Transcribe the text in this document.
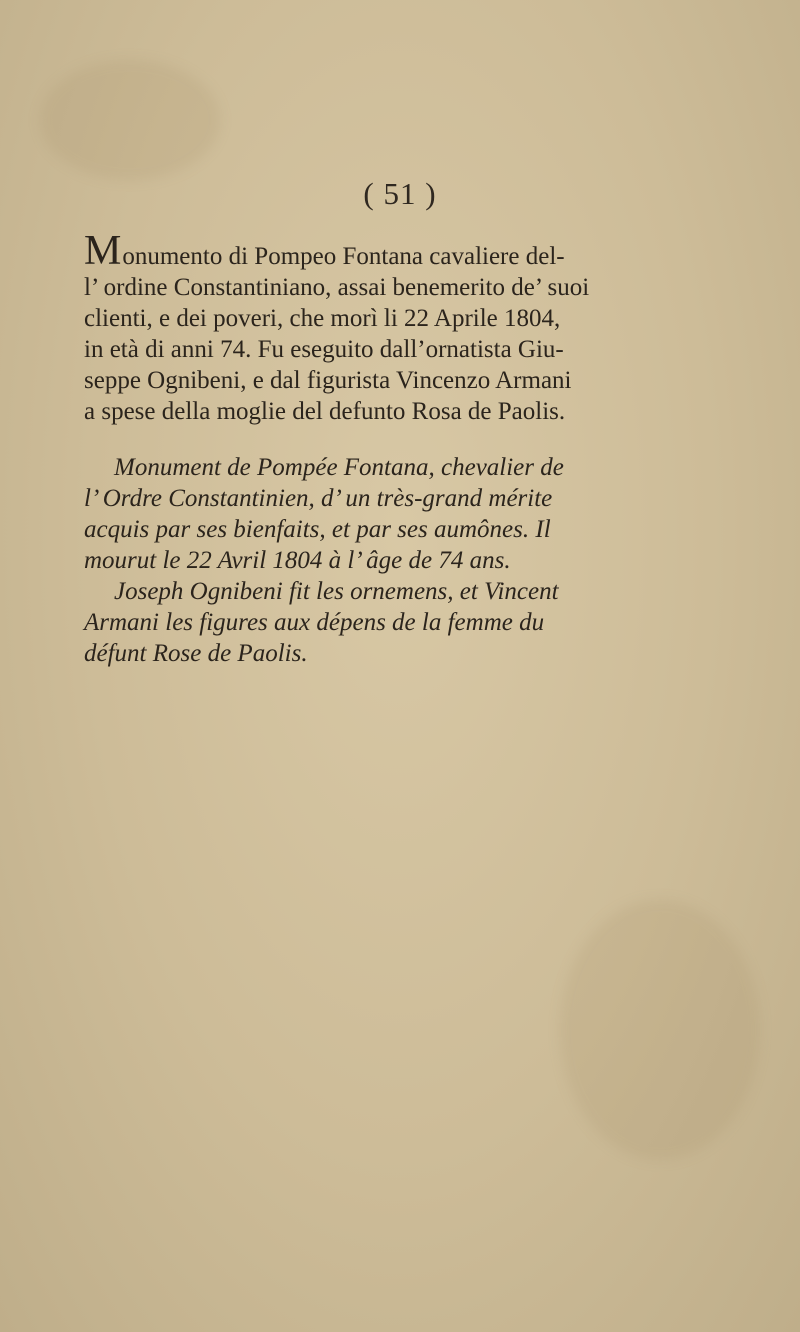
( 51 )
Monumento di Pompeo Fontana cavaliere del-
l’ ordine Constantiniano, assai benemerito de’ suoi
clienti, e dei poveri, che morì li 22 Aprile 1804,
in età di anni 74. Fu eseguito dall’ornatista Giu-
seppe Ognibeni, e dal figurista Vincenzo Armani
a spese della moglie del defunto Rosa de Paolis.
Monument de Pompée Fontana, chevalier de
l’ Ordre Constantinien, d’ un très-grand mérite
acquis par ses bienfaits, et par ses aumônes. Il
mourut le 22 Avril 1804 à l’ âge de 74 ans.
Joseph Ognibeni fit les ornemens, et Vincent
Armani les figures aux dépens de la femme du
défunt Rose de Paolis.
